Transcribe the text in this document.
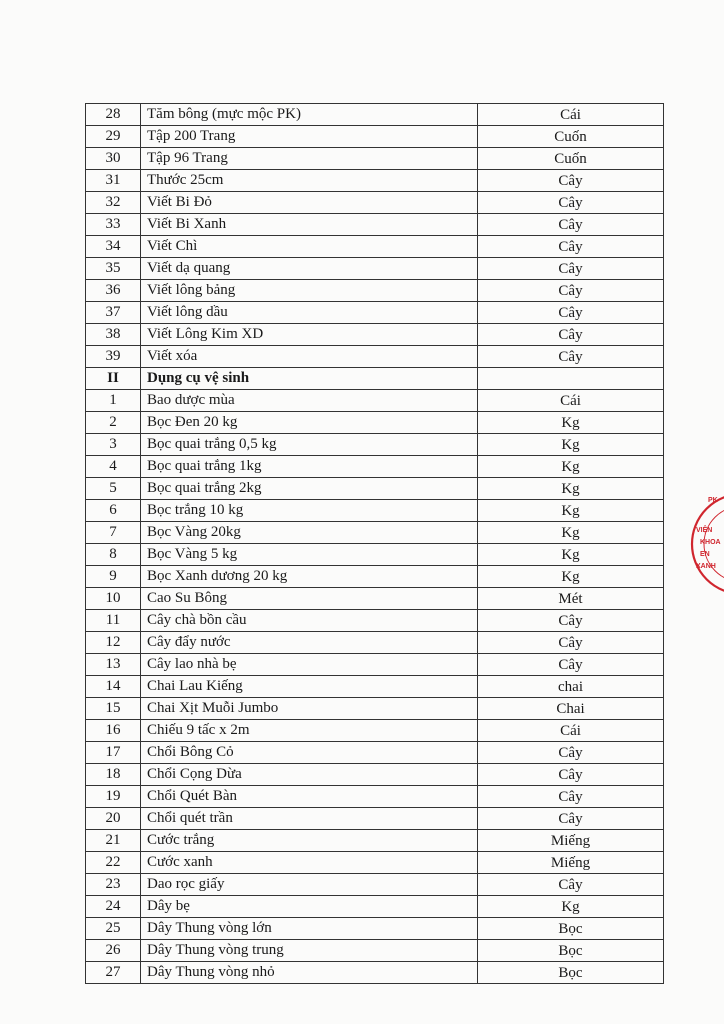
28	Tăm bông (mực mộc PK)	Cái
29	Tập 200 Trang	Cuốn
30	Tập 96 Trang	Cuốn
31	Thước 25cm	Cây
32	Viết Bi Đỏ	Cây
33	Viết Bi Xanh	Cây
34	Viết Chì	Cây
35	Viết dạ quang	Cây
36	Viết lông bảng	Cây
37	Viết lông dầu	Cây
38	Viết Lông Kim XD	Cây
39	Viết xóa	Cây
II	Dụng cụ vệ sinh	
1	Bao dược mùa	Cái
2	Bọc Đen 20 kg	Kg
3	Bọc quai trắng 0,5 kg	Kg
4	Bọc quai trắng 1kg	Kg
5	Bọc quai trắng 2kg	Kg
6	Bọc trắng 10 kg	Kg
7	Bọc Vàng 20kg	Kg
8	Bọc Vàng 5 kg	Kg
9	Bọc Xanh dương 20 kg	Kg
10	Cao Su Bông	Mét
11	Cây chà bồn cầu	Cây
12	Cây đẩy nước	Cây
13	Cây lao nhà bẹ	Cây
14	Chai Lau Kiếng	chai
15	Chai Xịt Muỗi Jumbo	Chai
16	Chiếu 9 tấc x 2m	Cái
17	Chổi Bông Cỏ	Cây
18	Chổi Cọng Dừa	Cây
19	Chổi Quét Bàn	Cây
20	Chổi quét trần	Cây
21	Cước trắng	Miếng
22	Cước xanh	Miếng
23	Dao rọc giấy	Cây
24	Dây bẹ	Kg
25	Dây Thung vòng lớn	Bọc
26	Dây Thung vòng trung	Bọc
27	Dây Thung vòng nhỏ	Bọc
PK
VIỆN
KHOA
EN
XANH
